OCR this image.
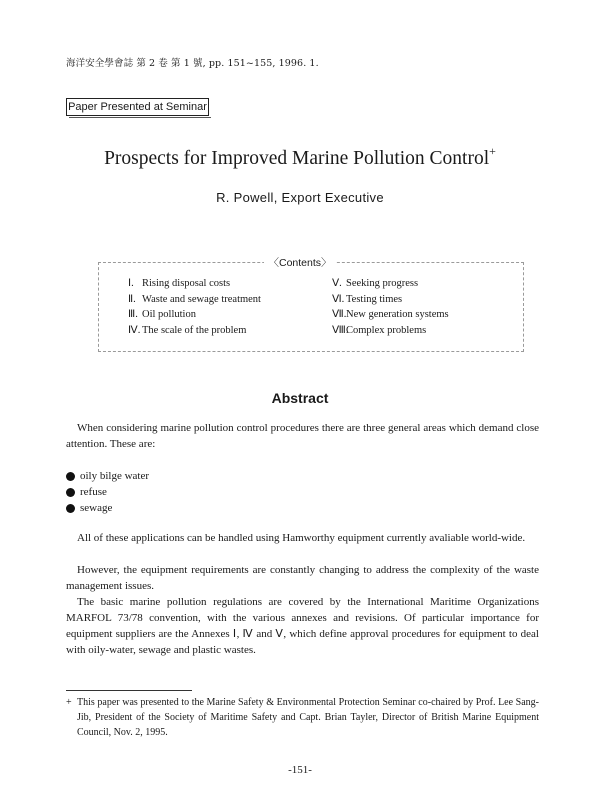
海洋安全學會誌 第 2 卷 第 1 號, pp. 151~155, 1996. 1.
Paper Presented at Seminar
Prospects for Improved Marine Pollution Control+
R. Powell, Export Executive
〈Contents〉
Ⅰ. Rising disposal costs
Ⅱ. Waste and sewage treatment
Ⅲ. Oil pollution
Ⅳ. The scale of the problem
Ⅴ. Seeking progress
Ⅵ. Testing times
Ⅶ.New generation systems
Ⅷ.Complex problems
Abstract

When considering marine pollution control procedures there are three general areas which demand close attention. These are:

oily bilge water
refuse
sewage

All of these applications can be handled using Hamworthy equipment currently avaliable world-wide.

However, the equipment requirements are constantly changing to address the complexity of the waste management issues.

The basic marine pollution regulations are covered by the International Maritime Organizations MARFOL 73/78 convention, with the various annexes and revisions. Of particular importance for equipment suppliers are the Annexes Ⅰ, Ⅳ and Ⅴ, which define approval procedures for equipment to deal with oily-water, sewage and plastic wastes.

+ This paper was presented to the Marine Safety & Environmental Protection Seminar co-chaired by Prof. Lee Sang-Jib, President of the Society of Maritime Safety and Capt. Brian Tayler, Director of British Marine Equipment Council, Nov. 2, 1995.
-151-
